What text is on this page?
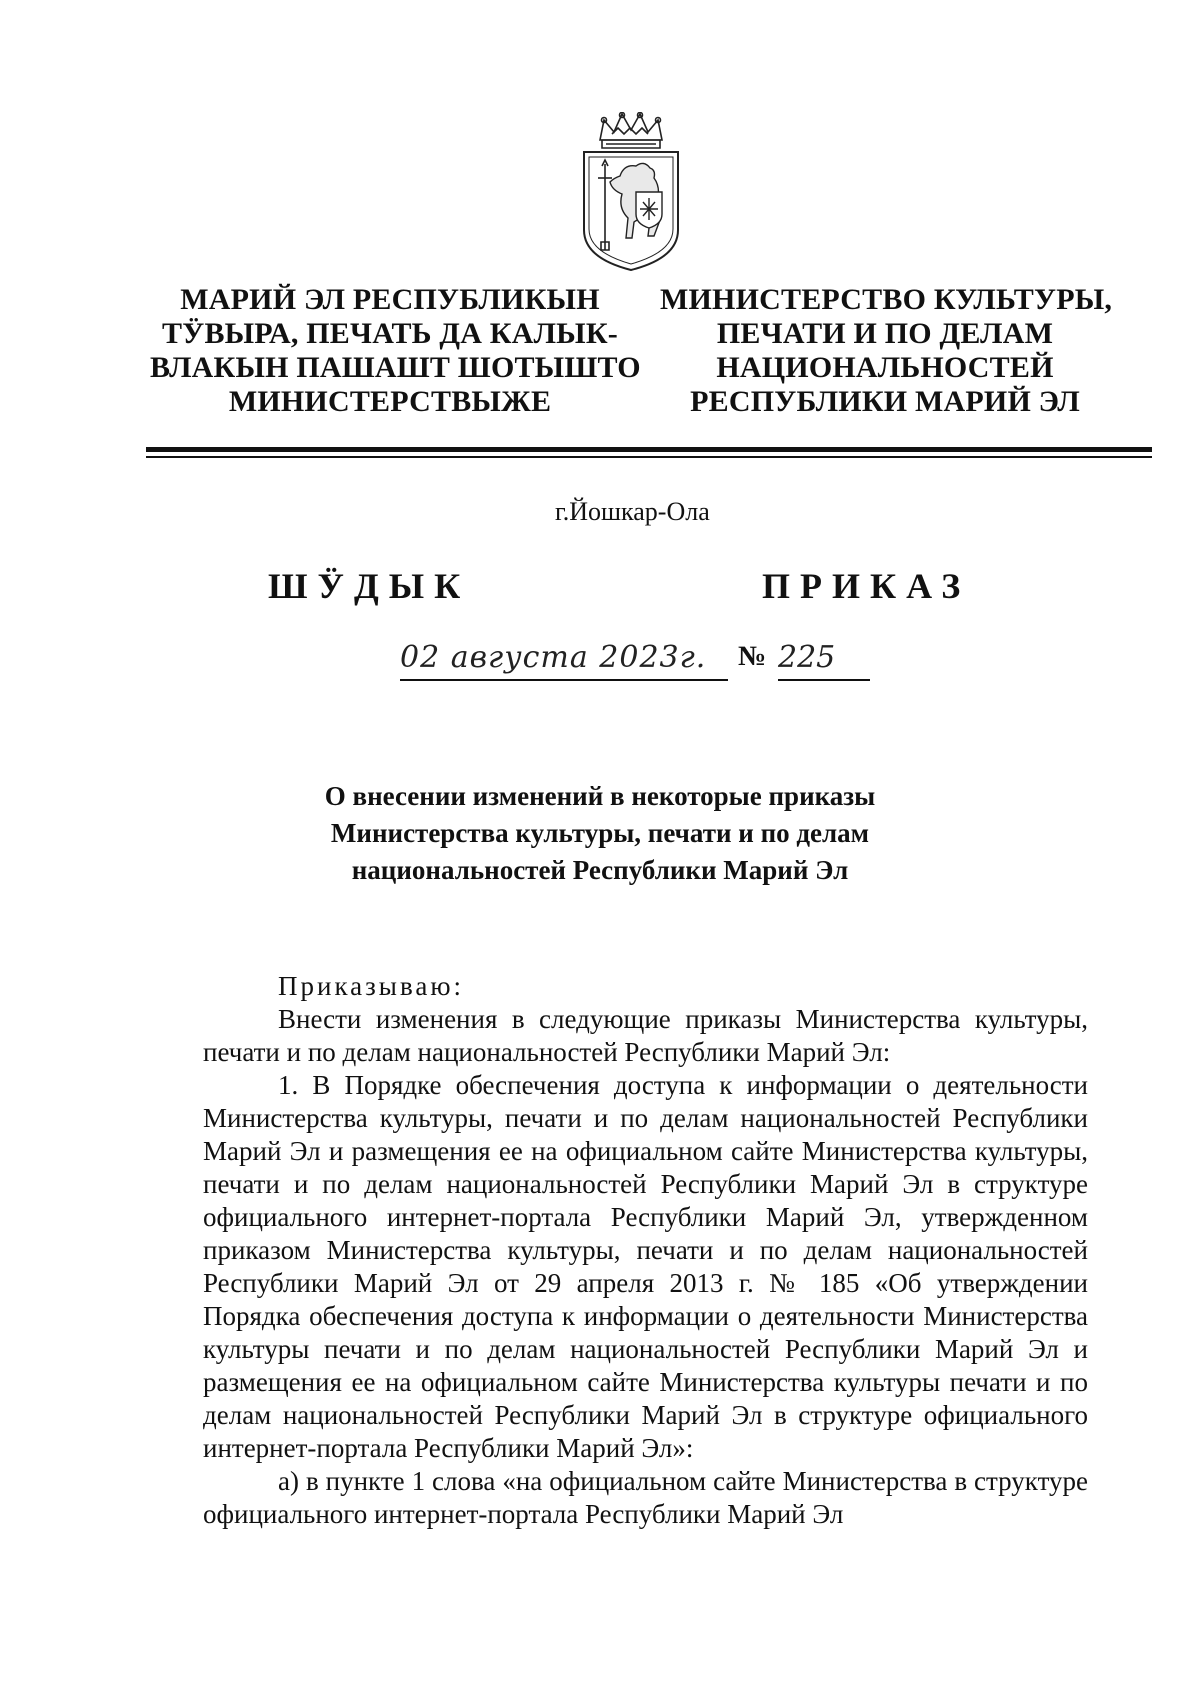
МАРИЙ ЭЛ РЕСПУБЛИКЫН
ТӰВЫРА, ПЕЧАТЬ ДА КАЛЫК-
ВЛАКЫН ПАШАШТ ШОТЫШТО
МИНИСТЕРСТВЫЖЕ
МИНИСТЕРСТВО КУЛЬТУРЫ,
ПЕЧАТИ И ПО ДЕЛАМ
НАЦИОНАЛЬНОСТЕЙ
РЕСПУБЛИКИ МАРИЙ ЭЛ
г.Йошкар-Ола
ШӰДЫК	ПРИКАЗ
02 августа 2023г.	№ 225
О внесении изменений в некоторые приказы
Министерства культуры, печати и по делам
национальностей Республики Марий Эл

Приказываю:

Внести изменения в следующие приказы Министерства культуры, печати и по делам национальностей Республики Марий Эл:

1. В Порядке обеспечения доступа к информации о деятельности Министерства культуры, печати и по делам национальностей Республики Марий Эл и размещения ее на официальном сайте Министерства культуры, печати и по делам национальностей Республики Марий Эл в структуре официального интернет-портала Республики Марий Эл, утвержденном приказом Министерства культуры, печати и по делам национальностей Республики Марий Эл от 29 апреля 2013 г. № 185 «Об утверждении Порядка обеспечения доступа к информации о деятельности Министерства культуры печати и по делам национальностей Республики Марий Эл и размещения ее на официальном сайте Министерства культуры печати и по делам национальностей Республики Марий Эл в структуре официального интернет-портала Республики Марий Эл»:

а) в пункте 1 слова «на официальном сайте Министерства в структуре официального интернет-портала Республики Марий Эл
